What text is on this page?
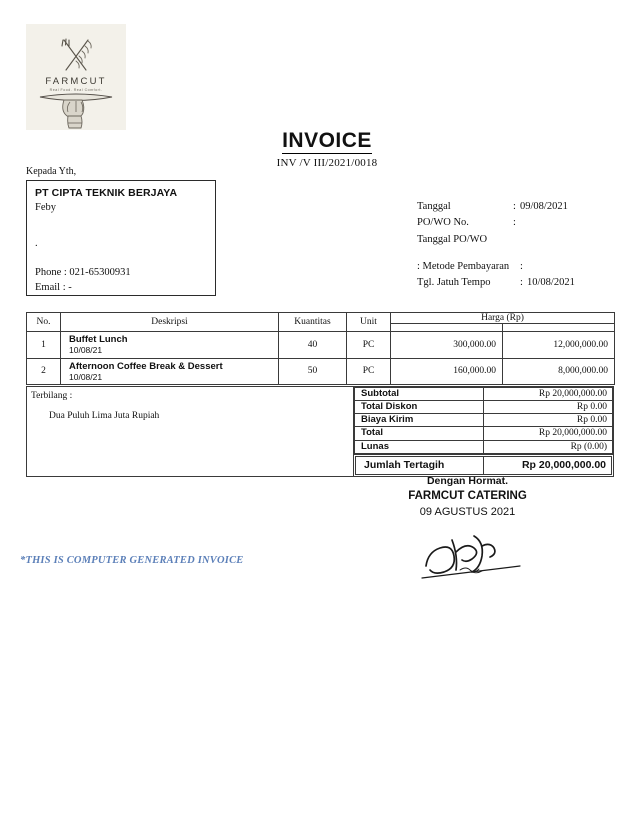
FARMCUT
Real Food. Real Comfort.
INVOICE
INV /V III/2021/0018
Kepada Yth,
PT CIPTA TEKNIK BERJAYA
Feby
.
Phone : 021-65300931
Email : -
Tanggal	: 09/08/2021
PO/WO No.	:
Tanggal PO/WO
: Metode Pembayaran	:
Tgl. Jatuh Tempo	: 10/08/2021
No.	Deskripsi	Kuantitas	Unit	Harga (Rp)	

1	Buffet Lunch
10/08/21	40	PC	300,000.00	12,000,000.00
2	Afternoon Coffee Break & Dessert
10/08/21	50	PC	160,000.00	8,000,000.00
Terbilang :
Dua Puluh Lima Juta Rupiah

Subtotal	Rp 20,000,000.00
Total Diskon	Rp 0.00
Biaya Kirim	Rp 0.00
Total	Rp 20,000,000.00
Lunas	Rp (0.00)

Jumlah Tertagih	Rp 20,000,000.00
Dengan Hormat.
FARMCUT CATERING
09 AGUSTUS 2021
*THIS IS COMPUTER GENERATED INVOICE
